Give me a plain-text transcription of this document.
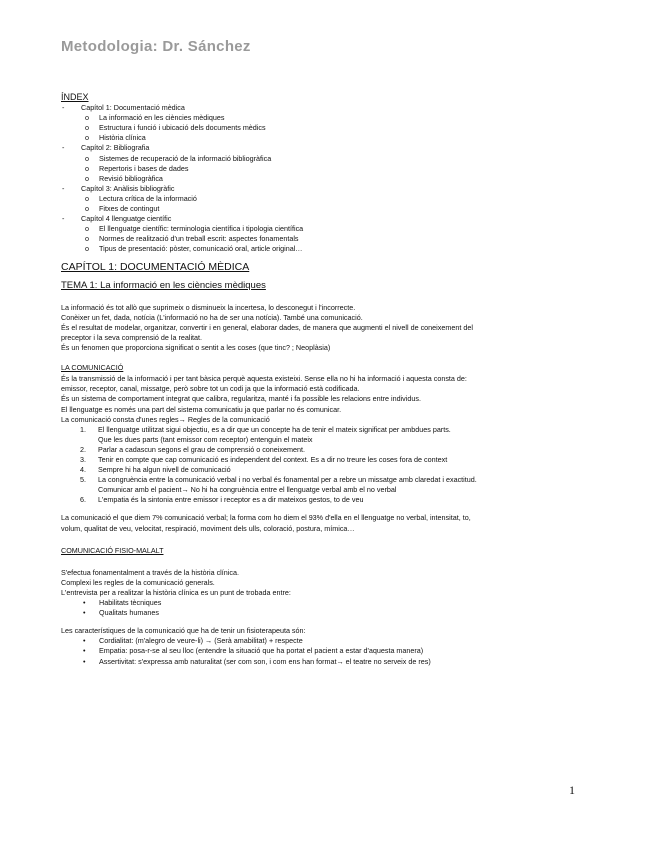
Metodologia: Dr. Sánchez
ÍNDEX
- Capítol 1: Documentació mèdica
o La informació en les ciències mèdiques
o Estructura i funció i ubicació dels documents mèdics
o Història clínica
- Capítol 2: Bibliografia
o Sistemes de recuperació de la informació bibliogràfica
o Repertoris i bases de dades
o Revisió bibliogràfica
- Capítol 3: Anàlisis bibliogràfic
o Lectura crítica de la informació
o Fitxes de contingut
- Capítol 4 llenguatge científic
o El llenguatge científic: terminologia científica i tipologia científica
o Normes de realització d'un treball escrit: aspectes fonamentals
o Tipus de presentació: pòster, comunicació oral, article original…
CAPÍTOL 1: DOCUMENTACIÓ MÈDICA
TEMA 1: La informació en les ciències mèdiques

La informació és tot allò que suprimeix o disminueix la incertesa, lo desconegut i l'incorrecte.

Conèixer un fet, dada, notícia (L'informació no ha de ser una notícia). També una comunicació.

És el resultat de modelar, organitzar, convertir i en general, elaborar dades, de manera que augmenti el nivell de coneixement del

preceptor i la seva comprensió de la realitat.

És un fenomen que proporciona significat o sentit a les coses (que tinc? ; Neoplàsia)

LA COMUNICACIÓ

És la transmissió de la informació i per tant bàsica perquè aquesta existeixi. Sense ella no hi ha informació i aquesta consta de:

emissor, receptor, canal, missatge, però sobre tot un codi ja que la informació està codificada.

És un sistema de comportament integrat que calibra, regularitza, manté i fa possible les relacions entre individus.

El llenguatge es només una part del sistema comunicatiu ja que parlar no és comunicar.

La comunicació consta d'unes regles→ Regles de la comunicació

1. El llenguatge utilitzat sigui objectiu, es a dir que un concepte ha de tenir el mateix significat per ambdues parts.

Que les dues parts (tant emissor com receptor) entenguin el mateix

2. Parlar a cadascun segons el grau de comprensió o coneixement.

3. Tenir en compte que cap comunicació es independent del context. Es a dir no treure les coses fora de context

4. Sempre hi ha algun nivell de comunicació

5. La congruència entre la comunicació verbal i no verbal és fonamental per a rebre un missatge amb claredat i exactitud.

Comunicar amb el pacient→ No hi ha congruència entre el llenguatge verbal amb el no verbal

6. L'empatia és la sintonia entre emissor i receptor es a dir mateixos gestos, to de veu

La comunicació el que diem 7% comunicació verbal; la forma com ho diem el 93% d'ella en el llenguatge no verbal, intensitat, to,

volum, qualitat de veu, velocitat, respiració, moviment dels ulls, coloració, postura, mímica…

COMUNICACIÓ FISIO-MALALT

S'efectua fonamentalment a través de la història clínica.

Complexi les regles de la comunicació generals.

L'entrevista per a realitzar la història clínica es un punt de trobada entre:

• Habilitats tècniques
• Qualitats humanes

Les característiques de la comunicació que ha de tenir un fisioterapeuta són:

• Cordialitat: (m'alegro de veure-li) → (Serà amabilitat) + respecte
• Empatia: posa-r-se al seu lloc (entendre la situació que ha portat el pacient a estar d'aquesta manera)
• Assertivitat: s'expressa amb naturalitat (ser com son, i com ens han format→ el teatre no serveix de res)
1
